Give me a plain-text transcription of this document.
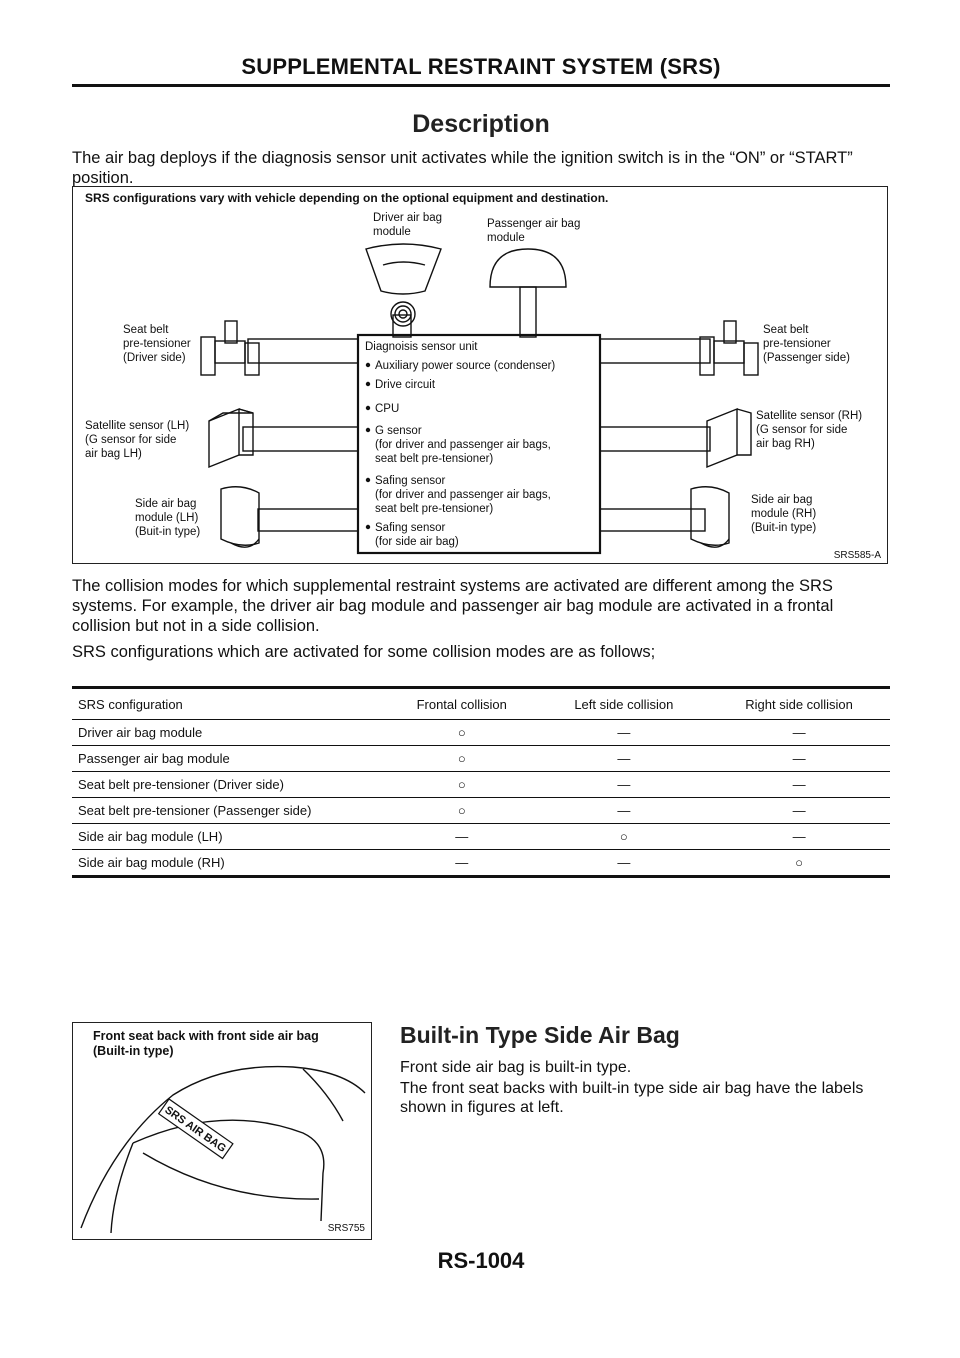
SUPPLEMENTAL RESTRAINT SYSTEM (SRS)
Description
The air bag deploys if the diagnosis sensor unit activates while the ignition switch is in the “ON” or “START” position.
SRS configurations vary with vehicle depending on the optional equipment and destination.
Driver air bag
module
Passenger air bag
module
Seat belt
pre-tensioner
(Driver side)
Seat belt
pre-tensioner
(Passenger side)
Satellite sensor (LH)
(G sensor for side
air bag LH)
Satellite sensor (RH)
(G sensor for side
air bag RH)
Side air bag
module (LH)
(Buit-in type)
Side air bag
module (RH)
(Buit-in type)
Diagnoisis sensor unit
Auxiliary power source (condenser)
Drive circuit
CPU
G sensor
(for driver and passenger air bags,
seat belt pre-tensioner)
Safing sensor
(for driver and passenger air bags,
seat belt pre-tensioner)
Safing sensor
(for side air bag)
SRS585-A
The collision modes for which supplemental restraint systems are activated are different among the SRS systems. For example, the driver air bag module and passenger air bag module are activated in a frontal collision but not in a side collision.
SRS configurations which are activated for some collision modes are as follows;
SRS configuration	Frontal collision	Left side collision	Right side collision
Driver air bag module	○	—	—
Passenger air bag module	○	—	—
Seat belt pre-tensioner (Driver side)	○	—	—
Seat belt pre-tensioner (Passenger side)	○	—	—
Side air bag module (LH)	—	○	—
Side air bag module (RH)	—	—	○
SRS AIR BAG
Front seat back with front side air bag
(Built-in type)
SRS755
Built-in Type Side Air Bag
Front side air bag is built-in type.
The front seat backs with built-in type side air bag have the labels shown in figures at left.
RS-1004
